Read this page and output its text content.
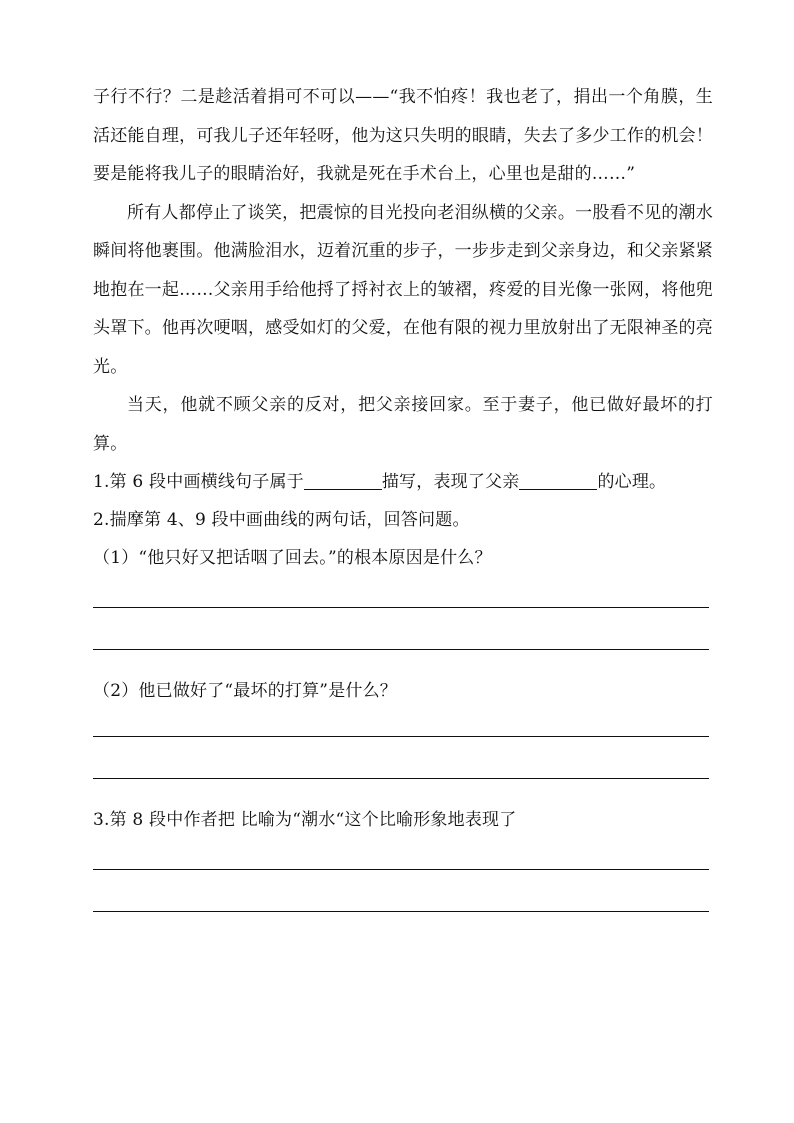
子行不行？二是趁活着捐可不可以——“我不怕疼！我也老了，捐出一个角膜，生活还能自理，可我儿子还年轻呀，他为这只失明的眼睛，失去了多少工作的机会！要是能将我儿子的眼睛治好，我就是死在手术台上，心里也是甜的……”

所有人都停止了谈笑，把震惊的目光投向老泪纵横的父亲。一股看不见的潮水瞬间将他裹围。他满脸泪水，迈着沉重的步子，一步步走到父亲身边，和父亲紧紧地抱在一起……父亲用手给他捋了捋衬衣上的皱褶，疼爱的目光像一张网，将他兜头罩下。他再次哽咽，感受如灯的父爱，在他有限的视力里放射出了无限神圣的亮光。

当天，他就不顾父亲的反对，把父亲接回家。至于妻子，他已做好最坏的打算。

1.第 6 段中画横线句子属于	描写，表现了父亲	的心理。

2.揣摩第 4、9 段中画曲线的两句话，回答问题。

（1）“他只好又把话咽了回去。”的根本原因是什么？

（2）他已做好了“最坏的打算”是什么？

3.第 8 段中作者把 比喻为“潮水“这个比喻形象地表现了
